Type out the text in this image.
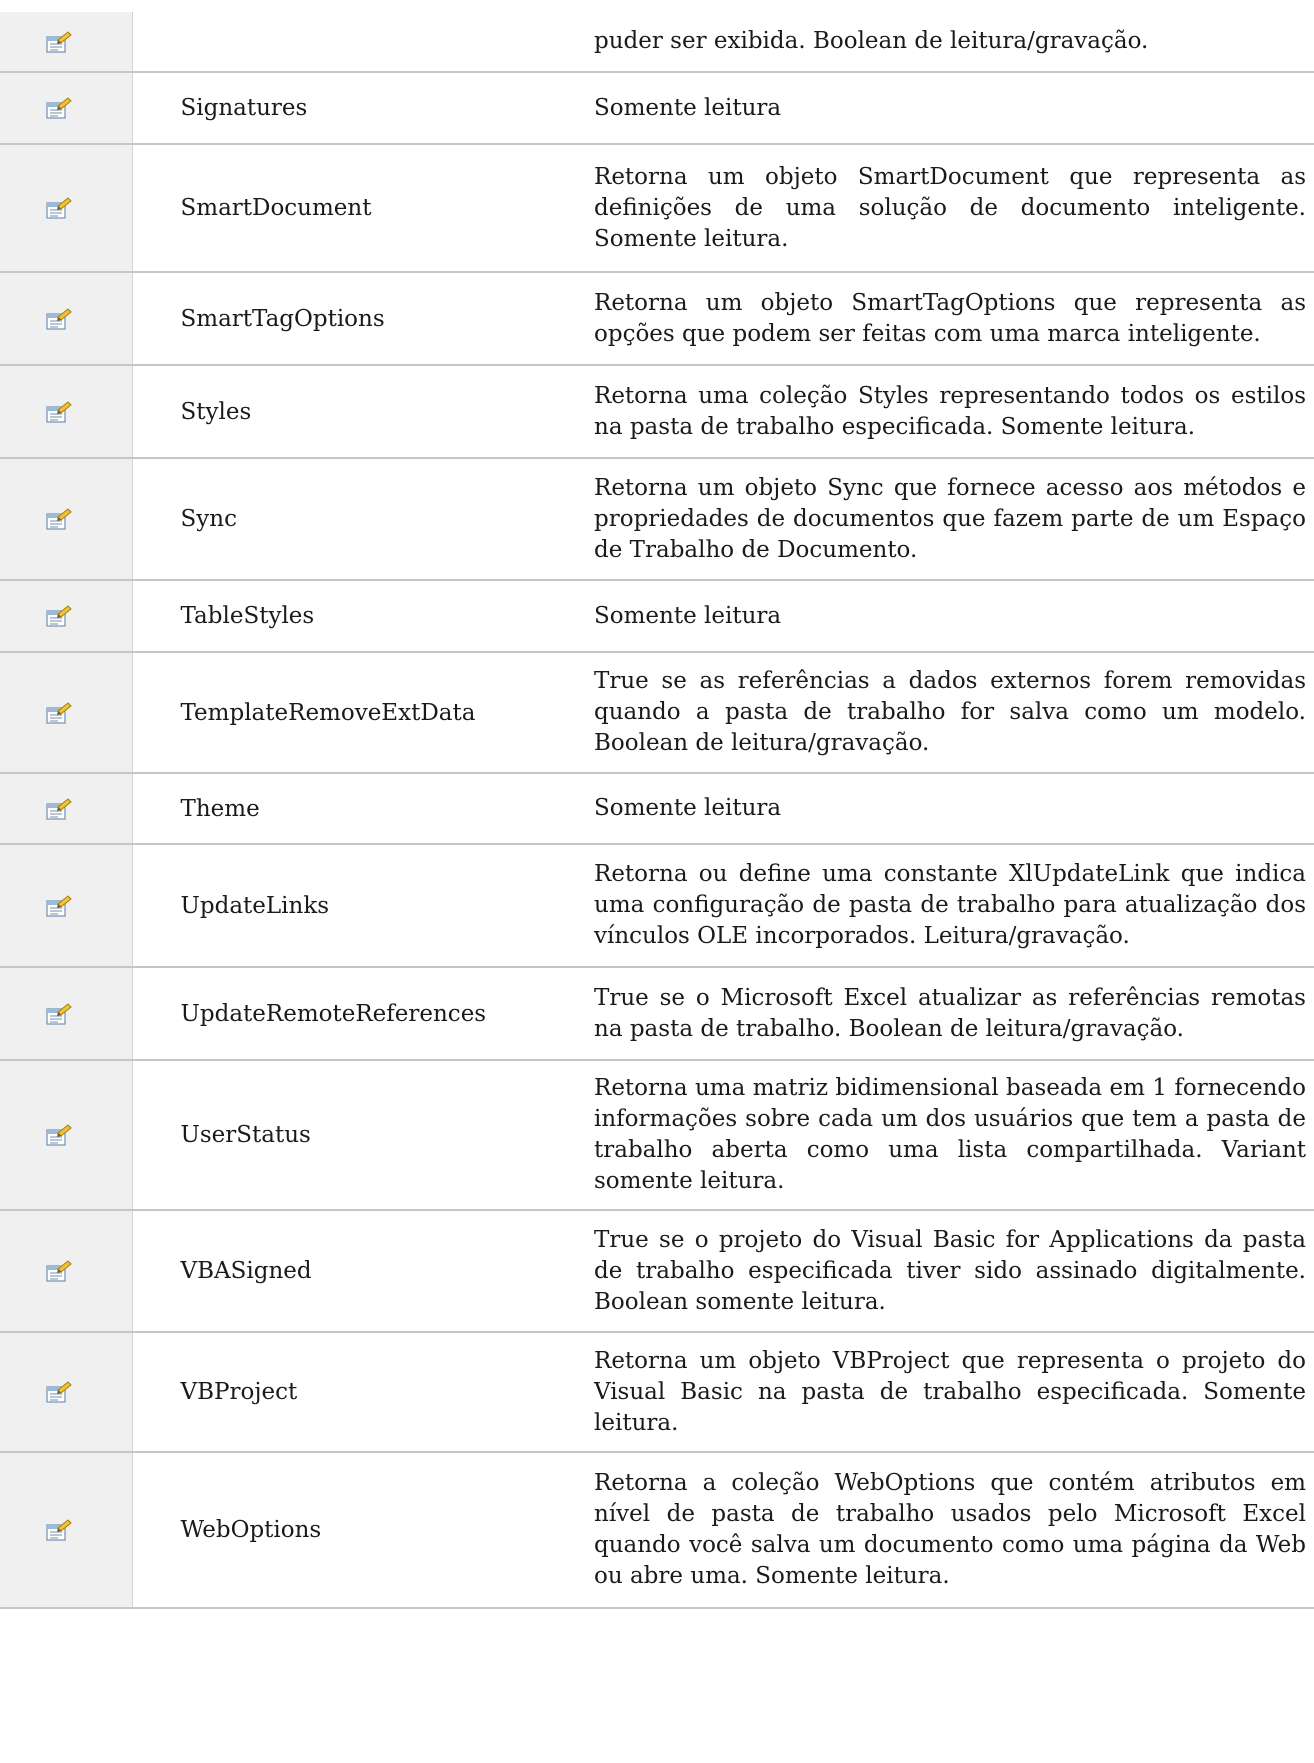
		puder ser exibida. Boolean de leitura/gravação.

	Signatures	Somente leitura

	SmartDocument	Retorna um objeto SmartDocument que representa as definições de uma solução de documento inteligente. Somente leitura.

	SmartTagOptions	Retorna um objeto SmartTagOptions que representa as opções que podem ser feitas com uma marca inteligente.

	Styles	Retorna uma coleção Styles representando todos os estilos na pasta de trabalho especificada. Somente leitura.

	Sync	Retorna um objeto Sync que fornece acesso aos métodos e propriedades de documentos que fazem parte de um Espaço de Trabalho de Documento.

	TableStyles	Somente leitura

	TemplateRemoveExtData	True se as referências a dados externos forem removidas quando a pasta de trabalho for salva como um modelo. Boolean de leitura/gravação.

	Theme	Somente leitura

	UpdateLinks	Retorna ou define uma constante XlUpdateLink que indica uma configuração de pasta de trabalho para atualização dos vínculos OLE incorporados. Leitura/gravação.

	UpdateRemoteReferences	True se o Microsoft Excel atualizar as referências remotas na pasta de trabalho. Boolean de leitura/gravação.

	UserStatus	Retorna uma matriz bidimensional baseada em 1 fornecendo informações sobre cada um dos usuários que tem a pasta de trabalho aberta como uma lista compartilhada. Variant somente leitura.

	VBASigned	True se o projeto do Visual Basic for Applications da pasta de trabalho especificada tiver sido assinado digitalmente. Boolean somente leitura.

	VBProject	Retorna um objeto VBProject que representa o projeto do Visual Basic na pasta de trabalho especificada. Somente leitura.

	WebOptions	Retorna a coleção WebOptions que contém atributos em nível de pasta de trabalho usados pelo Microsoft Excel quando você salva um documento como uma página da Web ou abre uma. Somente leitura.
